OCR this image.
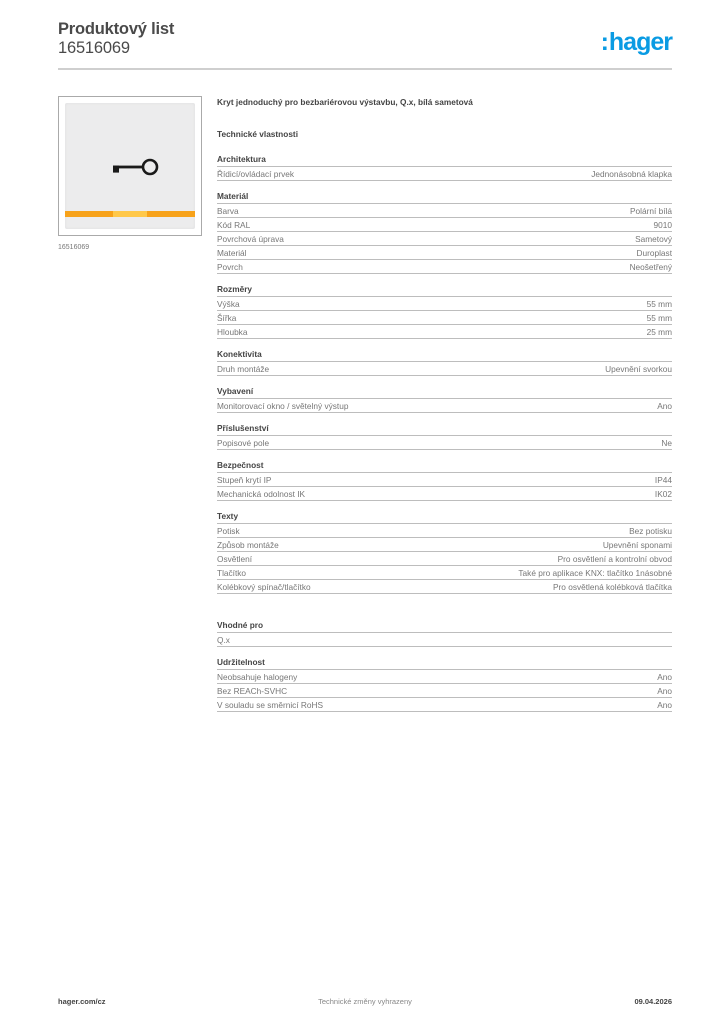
Produktový list
16516069	:hager
16516069
Kryt jednoduchý pro bezbariérovou výstavbu, Q.x, bílá sametová
Technické vlastnosti
Architektura
Řídicí/ovládací prvek	Jednonásobná klapka
Materiál
Barva	Polární bílá
Kód RAL	9010
Povrchová úprava	Sametový
Materiál	Duroplast
Povrch	Neošetřený
Rozměry
Výška	55 mm
Šířka	55 mm
Hloubka	25 mm
Konektivita
Druh montáže	Upevnění svorkou
Vybavení
Monitorovací okno / světelný výstup	Ano
Příslušenství
Popisové pole	Ne
Bezpečnost
Stupeň krytí IP	IP44
Mechanická odolnost IK	IK02
Texty
Potisk	Bez potisku
Způsob montáže	Upevnění sponami
Osvětlení	Pro osvětlení a kontrolní obvod
Tlačítko	Také pro aplikace KNX: tlačítko 1násobné
Kolébkový spínač/tlačítko	Pro osvětlená kolébková tlačítka
Vhodné pro
Q.x
Udržitelnost
Neobsahuje halogeny	Ano
Bez REACh-SVHC	Ano
V souladu se směrnicí RoHS	Ano
hager.com/cz	Technické změny vyhrazeny	09.04.2026
